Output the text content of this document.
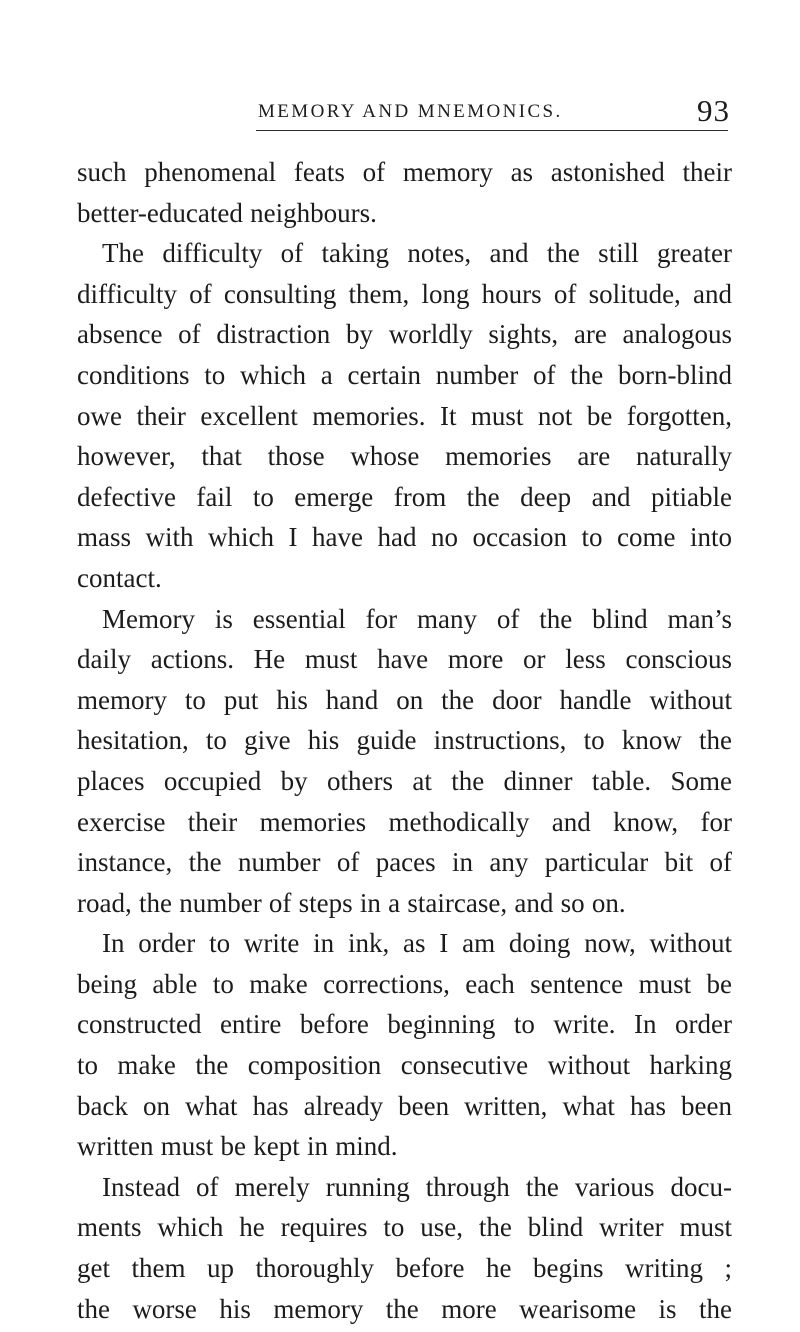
MEMORY AND MNEMONICS.	93
such phenomenal feats of memory as astonished their
better-educated neighbours.
The difficulty of taking notes, and the still greater
difficulty of consulting them, long hours of solitude, and
absence of distraction by worldly sights, are analogous
conditions to which a certain number of the born-blind
owe their excellent memories. It must not be forgotten,
however, that those whose memories are naturally
defective fail to emerge from the deep and pitiable
mass with which I have had no occasion to come into
contact.
Memory is essential for many of the blind man’s
daily actions. He must have more or less conscious
memory to put his hand on the door handle without
hesitation, to give his guide instructions, to know the
places occupied by others at the dinner table. Some
exercise their memories methodically and know, for
instance, the number of paces in any particular bit of
road, the number of steps in a staircase, and so on.
In order to write in ink, as I am doing now, without
being able to make corrections, each sentence must be
constructed entire before beginning to write. In order
to make the composition consecutive without harking
back on what has already been written, what has been
written must be kept in mind.
Instead of merely running through the various docu-
ments which he requires to use, the blind writer must
get them up thoroughly before he begins writing ;
the worse his memory the more wearisome is the
